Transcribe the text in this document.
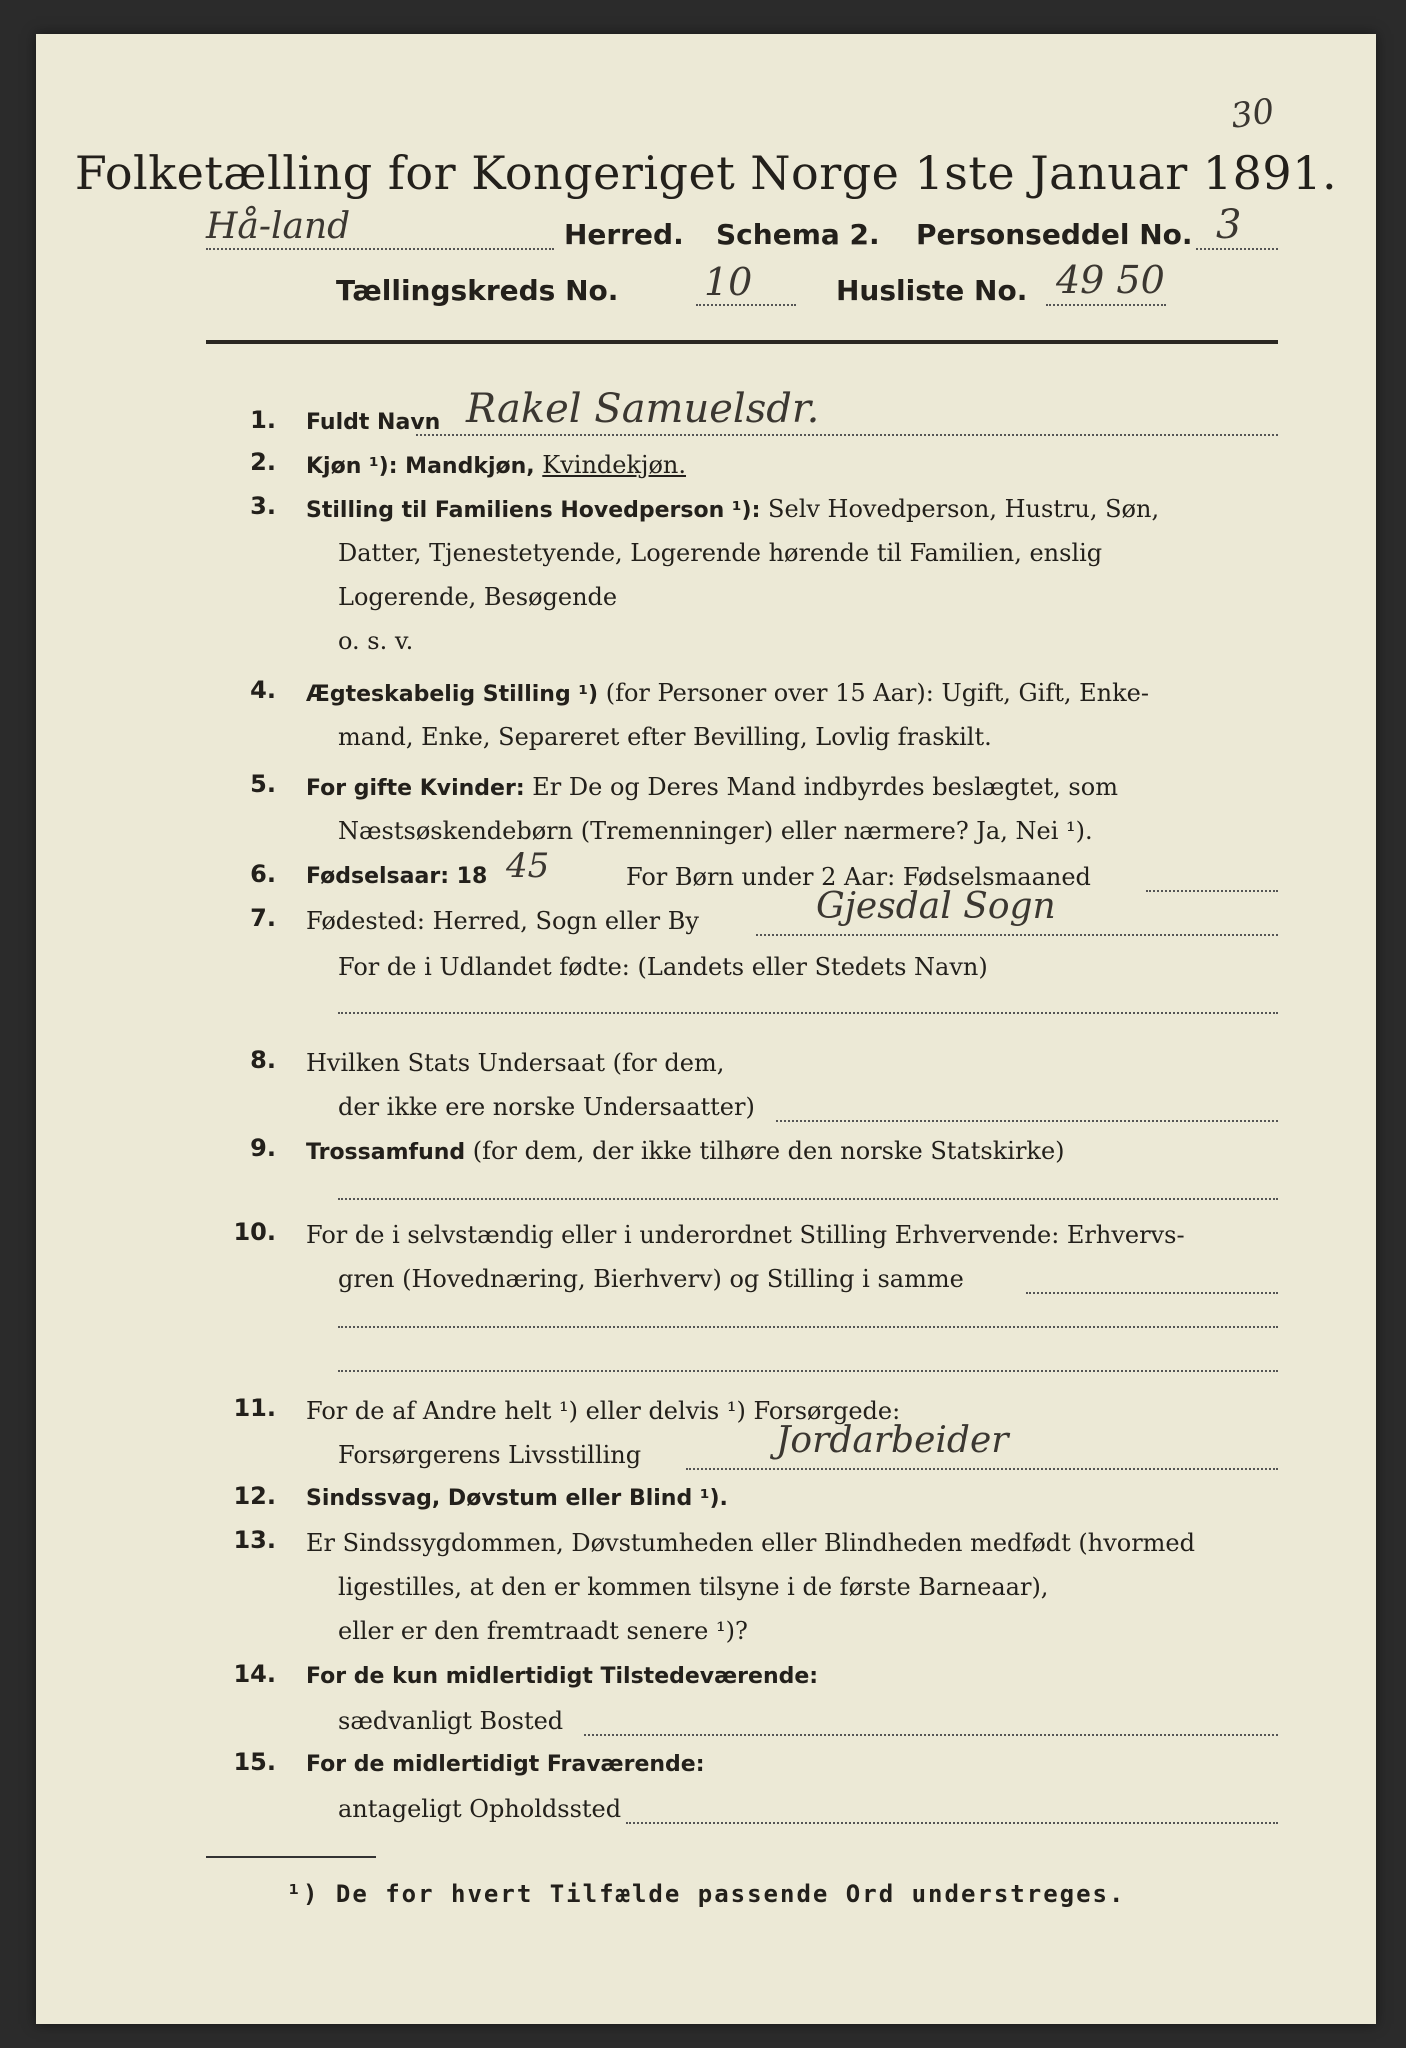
30
Folketælling for Kongeriget Norge 1ste Januar 1891.
Hå-land	Herred. Schema 2. Personseddel No. 3
Tællingskreds No. 10	Husliste No. 49 50
1. Fuldt Navn Rakel Samuelsdr.
2. Kjøn ¹): Mandkjøn, Kvindekjøn.
3. Stilling til Familiens Hovedperson ¹): Selv Hovedperson, Hustru, Søn,
Datter, Tjenestetyende, Logerende hørende til Familien, enslig
Logerende, Besøgende
o. s. v.
4. Ægteskabelig Stilling ¹) (for Personer over 15 Aar): Ugift, Gift, Enke-
mand, Enke, Separeret efter Bevilling, Lovlig fraskilt.
5. For gifte Kvinder: Er De og Deres Mand indbyrdes beslægtet, som
Næstsøskendebørn (Tremenninger) eller nærmere? Ja, Nei ¹).
6. Fødselsaar: 18 45	For Børn under 2 Aar: Fødselsmaaned
7. Fødested: Herred, Sogn eller By	Gjesdal Sogn
For de i Udlandet fødte: (Landets eller Stedets Navn)
8. Hvilken Stats Undersaat (for dem,
der ikke ere norske Undersaatter)
9. Trossamfund (for dem, der ikke tilhøre den norske Statskirke)
10. For de i selvstændig eller i underordnet Stilling Erhvervende: Erhvervs-
gren (Hovednæring, Bierhverv) og Stilling i samme
11. For de af Andre helt ¹) eller delvis ¹) Forsørgede:
Forsørgerens Livsstilling	Jordarbeider
12. Sindssvag, Døvstum eller Blind ¹).
13. Er Sindssygdommen, Døvstumheden eller Blindheden medfødt (hvormed
ligestilles, at den er kommen tilsyne i de første Barneaar),
eller er den fremtraadt senere ¹)?
14. For de kun midlertidigt Tilstedeværende:
sædvanligt Bosted
15. For de midlertidigt Fraværende:
antageligt Opholdssted
¹) De for hvert Tilfælde passende Ord understreges.
